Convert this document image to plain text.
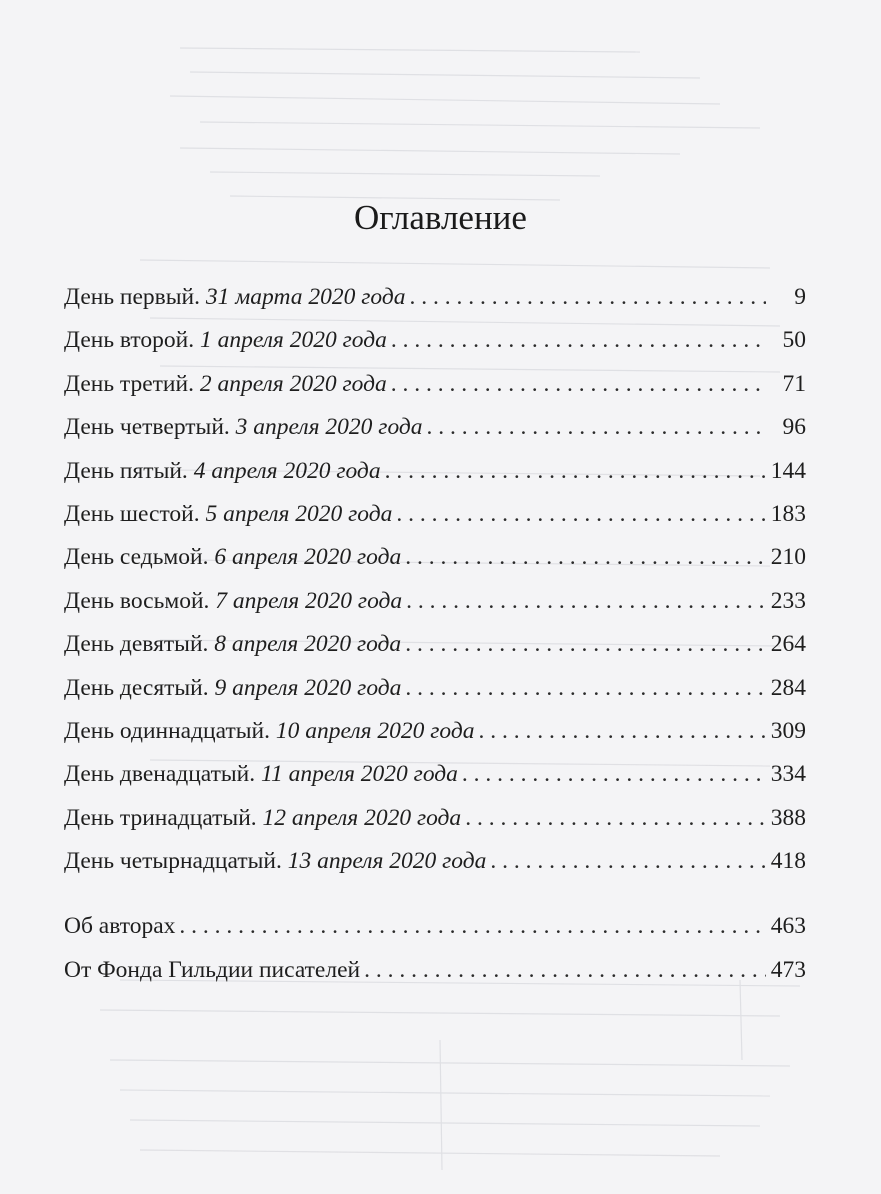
Оглавление
День первый. 31 марта 2020 года . . .	9
День второй. 1 апреля 2020 года . . .	50
День третий. 2 апреля 2020 года . . .	71
День четвертый. 3 апреля 2020 года . . .	96
День пятый. 4 апреля 2020 года . . .	144
День шестой. 5 апреля 2020 года . . .	183
День седьмой. 6 апреля 2020 года . . .	210
День восьмой. 7 апреля 2020 года . . .	233
День девятый. 8 апреля 2020 года . . .	264
День десятый. 9 апреля 2020 года . . .	284
День одиннадцатый. 10 апреля 2020 года . . .	309
День двенадцатый. 11 апреля 2020 года . . .	334
День тринадцатый. 12 апреля 2020 года . . .	388
День четырнадцатый. 13 апреля 2020 года . . .	418
Об авторах . . .	463
От Фонда Гильдии писателей . . .	473
